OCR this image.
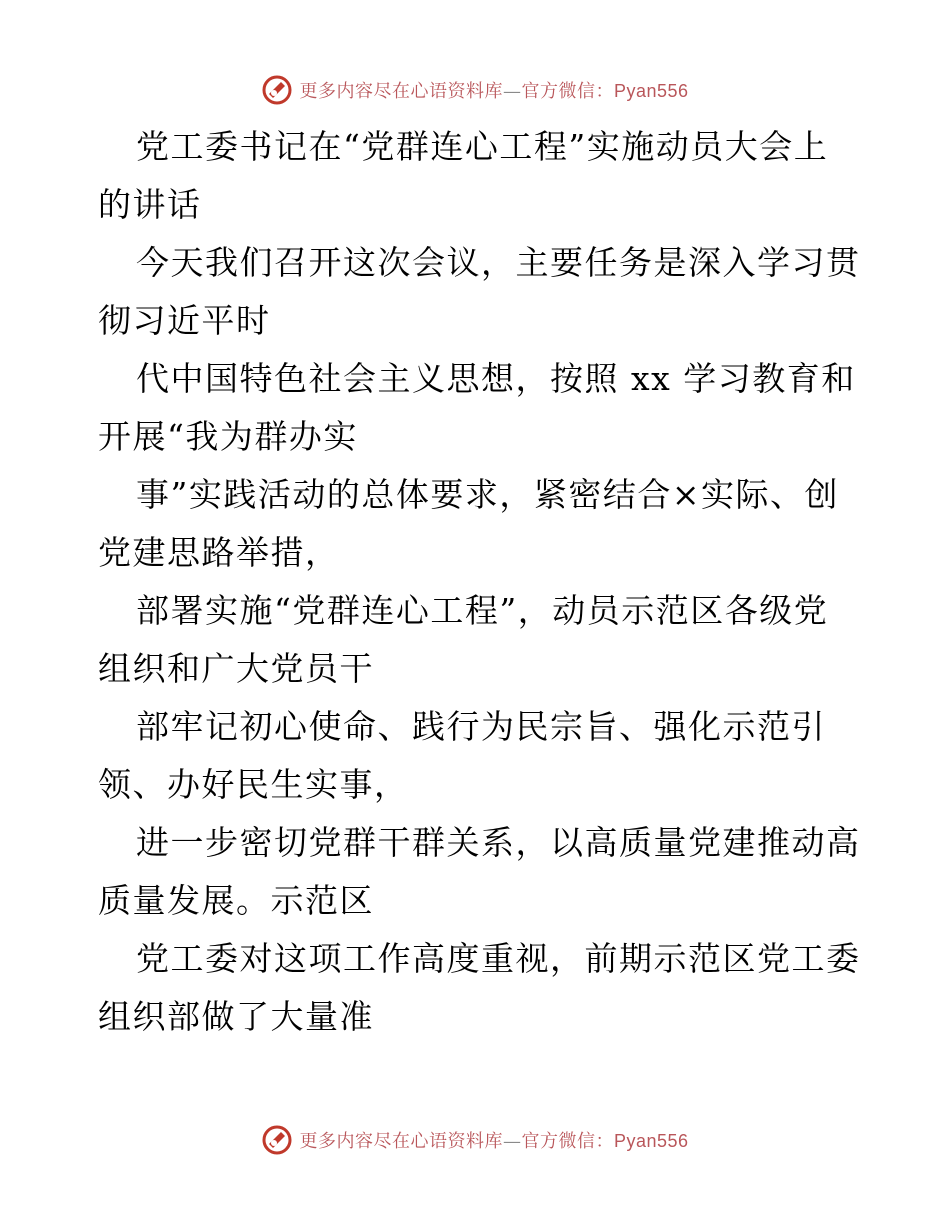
更多内容尽在心语资料库—官方微信：Pyan556
党工委书记在“党群连心工程”实施动员大会上
的讲话
今天我们召开这次会议，主要任务是深入学习贯
彻习近平时
代中国特色社会主义思想，按照 xx 学习教育和
开展“我为群办实
事”实践活动的总体要求，紧密结合×实际、创
党建思路举措，
部署实施“党群连心工程”，动员示范区各级党
组织和广大党员干
部牢记初心使命、践行为民宗旨、强化示范引
领、办好民生实事，
进一步密切党群干群关系，以高质量党建推动高
质量发展。示范区
党工委对这项工作高度重视，前期示范区党工委
组织部做了大量准
更多内容尽在心语资料库—官方微信：Pyan556
